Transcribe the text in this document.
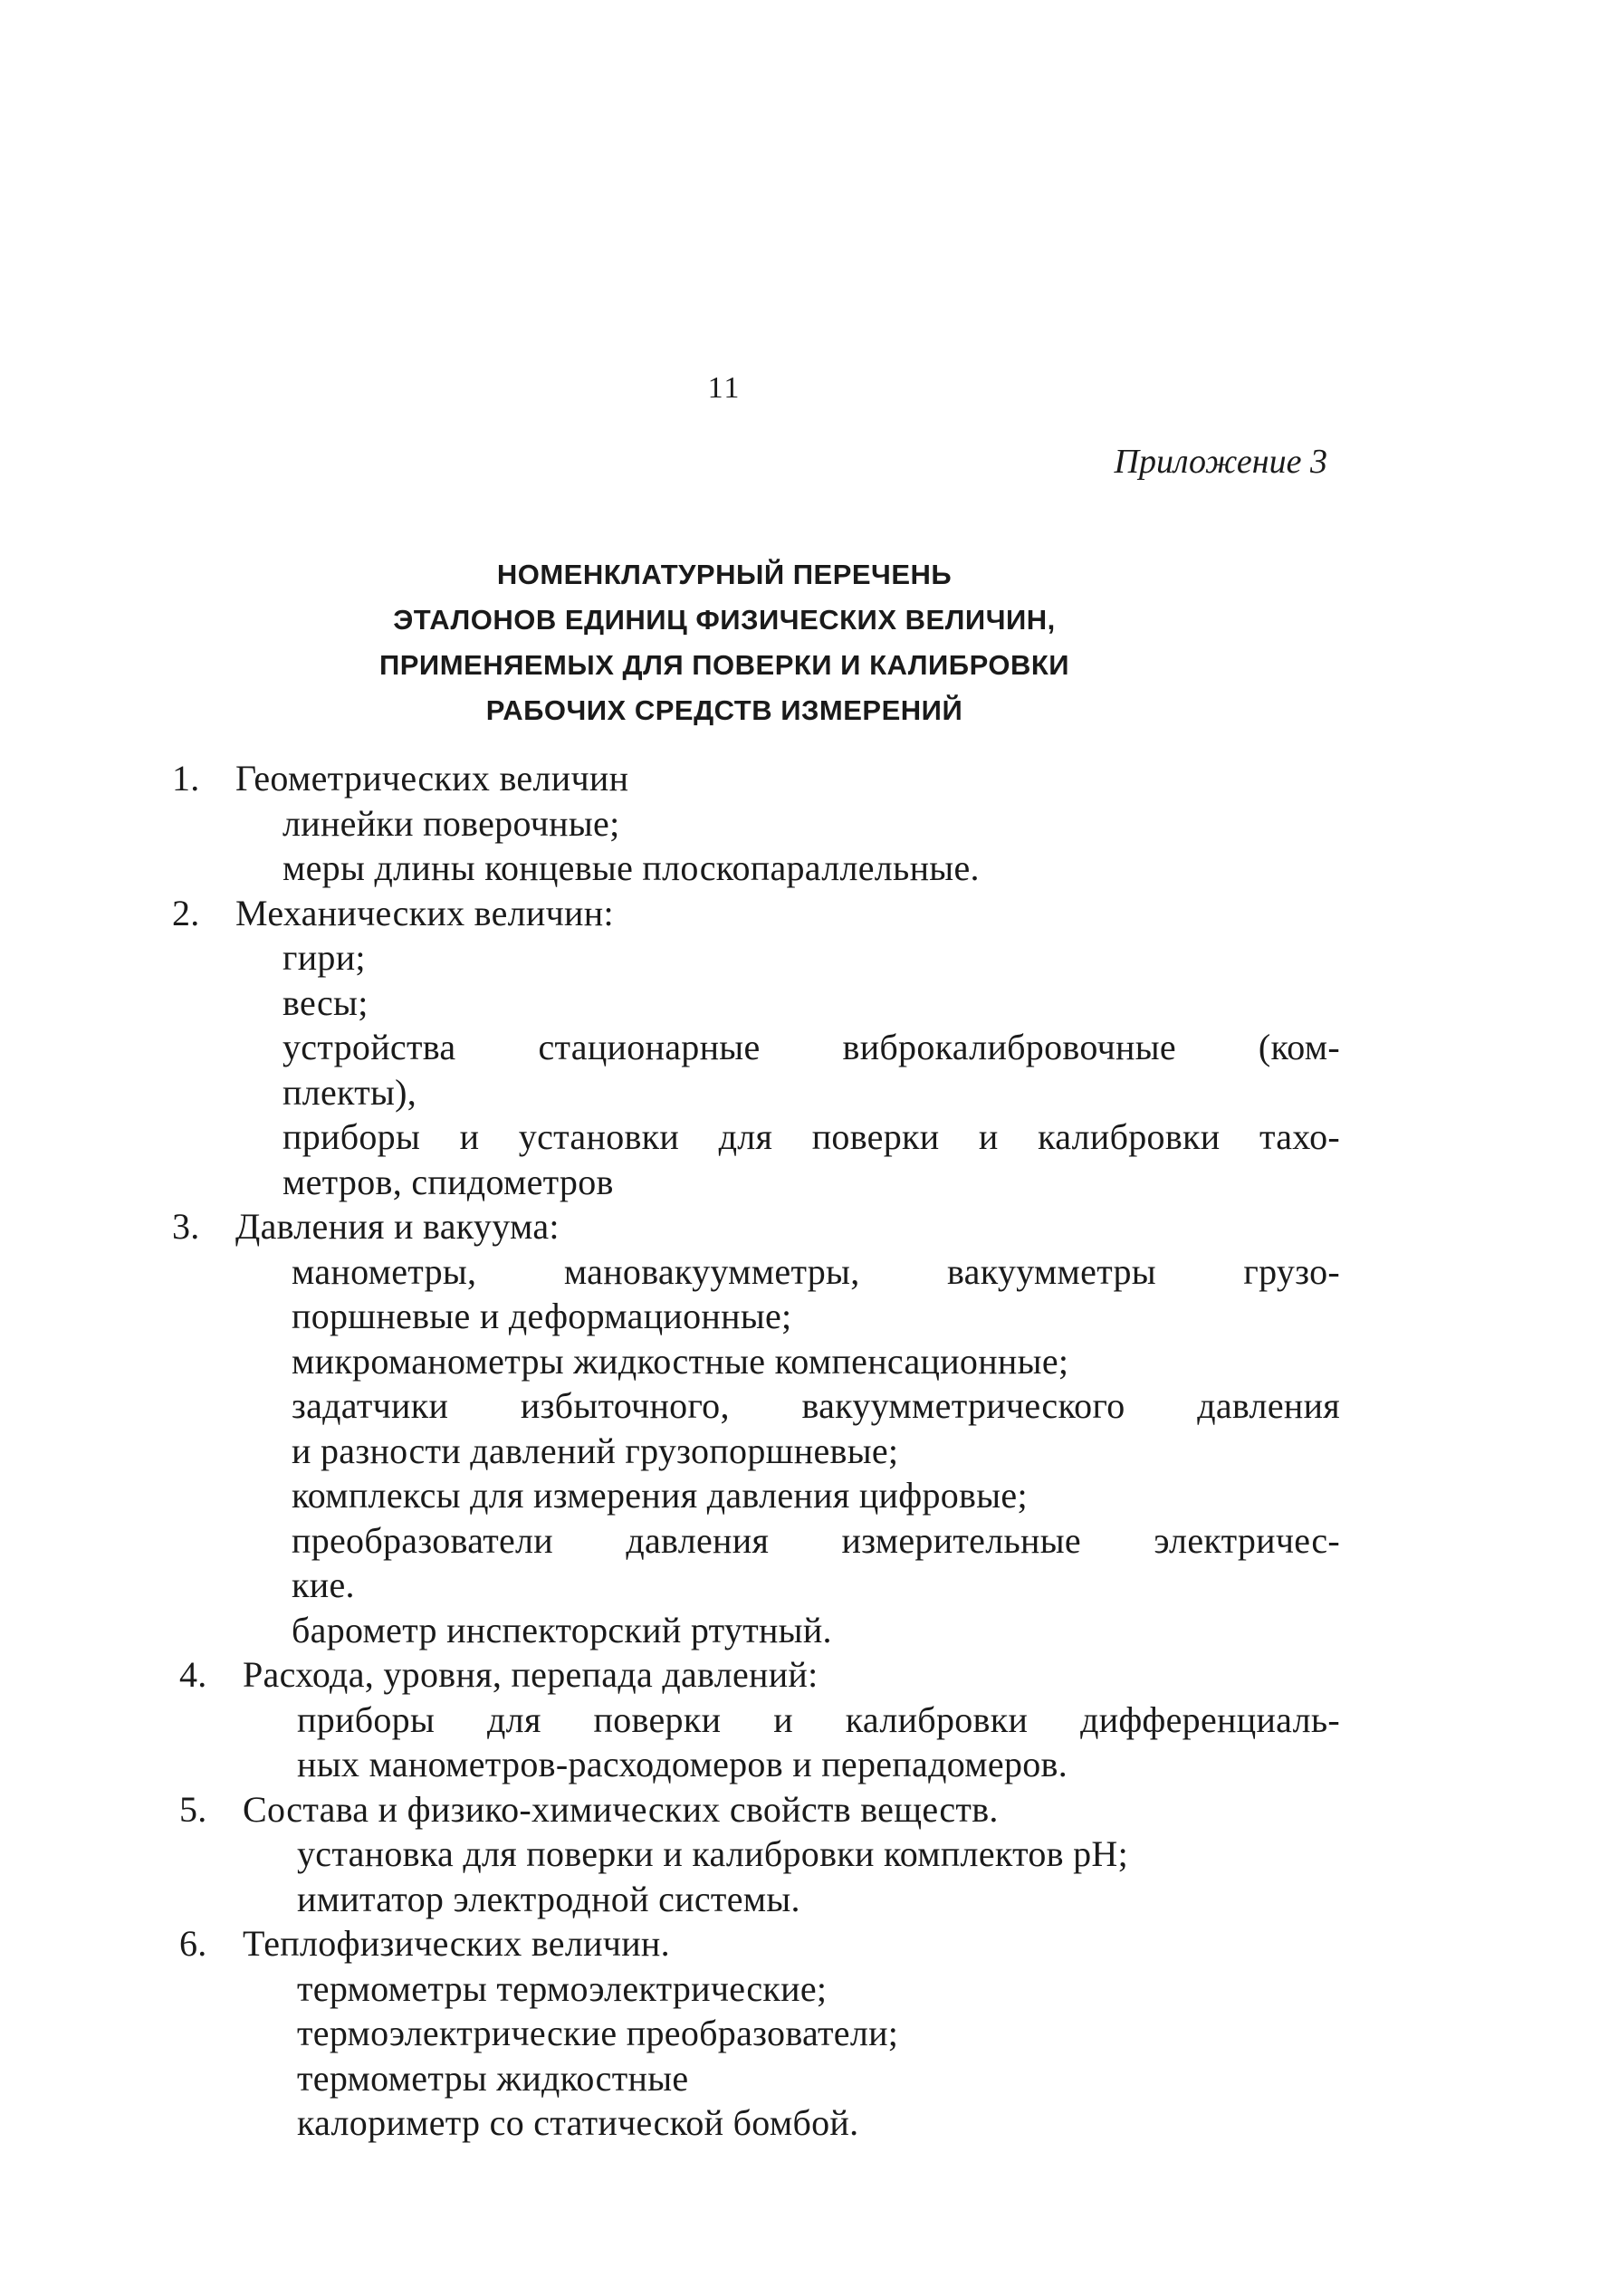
11
Приложение 3
НОМЕНКЛАТУРНЫЙ ПЕРЕЧЕНЬ
ЭТАЛОНОВ ЕДИНИЦ ФИЗИЧЕСКИХ ВЕЛИЧИН,
ПРИМЕНЯЕМЫХ ДЛЯ ПОВЕРКИ И КАЛИБРОВКИ
РАБОЧИХ СРЕДСТВ ИЗМЕРЕНИЙ
1. Геометрических величин
линейки поверочные;
меры длины концевые плоскопараллельные.
2. Механических величин:
гири;
весы;
устройства стационарные виброкалибровочные (ком-
плекты),
приборы и установки для поверки и калибровки тахо-
метров, спидометров
3. Давления и вакуума:
манометры, мановакуумметры, вакуумметры грузо-
поршневые и деформационные;
микроманометры жидкостные компенсационные;
задатчики избыточного, вакуумметрического давления
и разности давлений грузопоршневые;
комплексы для измерения давления цифровые;
преобразователи давления измерительные электричес-
кие.
барометр инспекторский ртутный.
4. Расхода, уровня, перепада давлений:
приборы для поверки и калибровки дифференциаль-
ных манометров-расходомеров и перепадомеров.
5. Состава и физико-химических свойств веществ.
установка для поверки и калибровки комплектов pH;
имитатор электродной системы.
6. Теплофизических величин.
термометры термоэлектрические;
термоэлектрические преобразователи;
термометры жидкостные
калориметр со статической бомбой.
